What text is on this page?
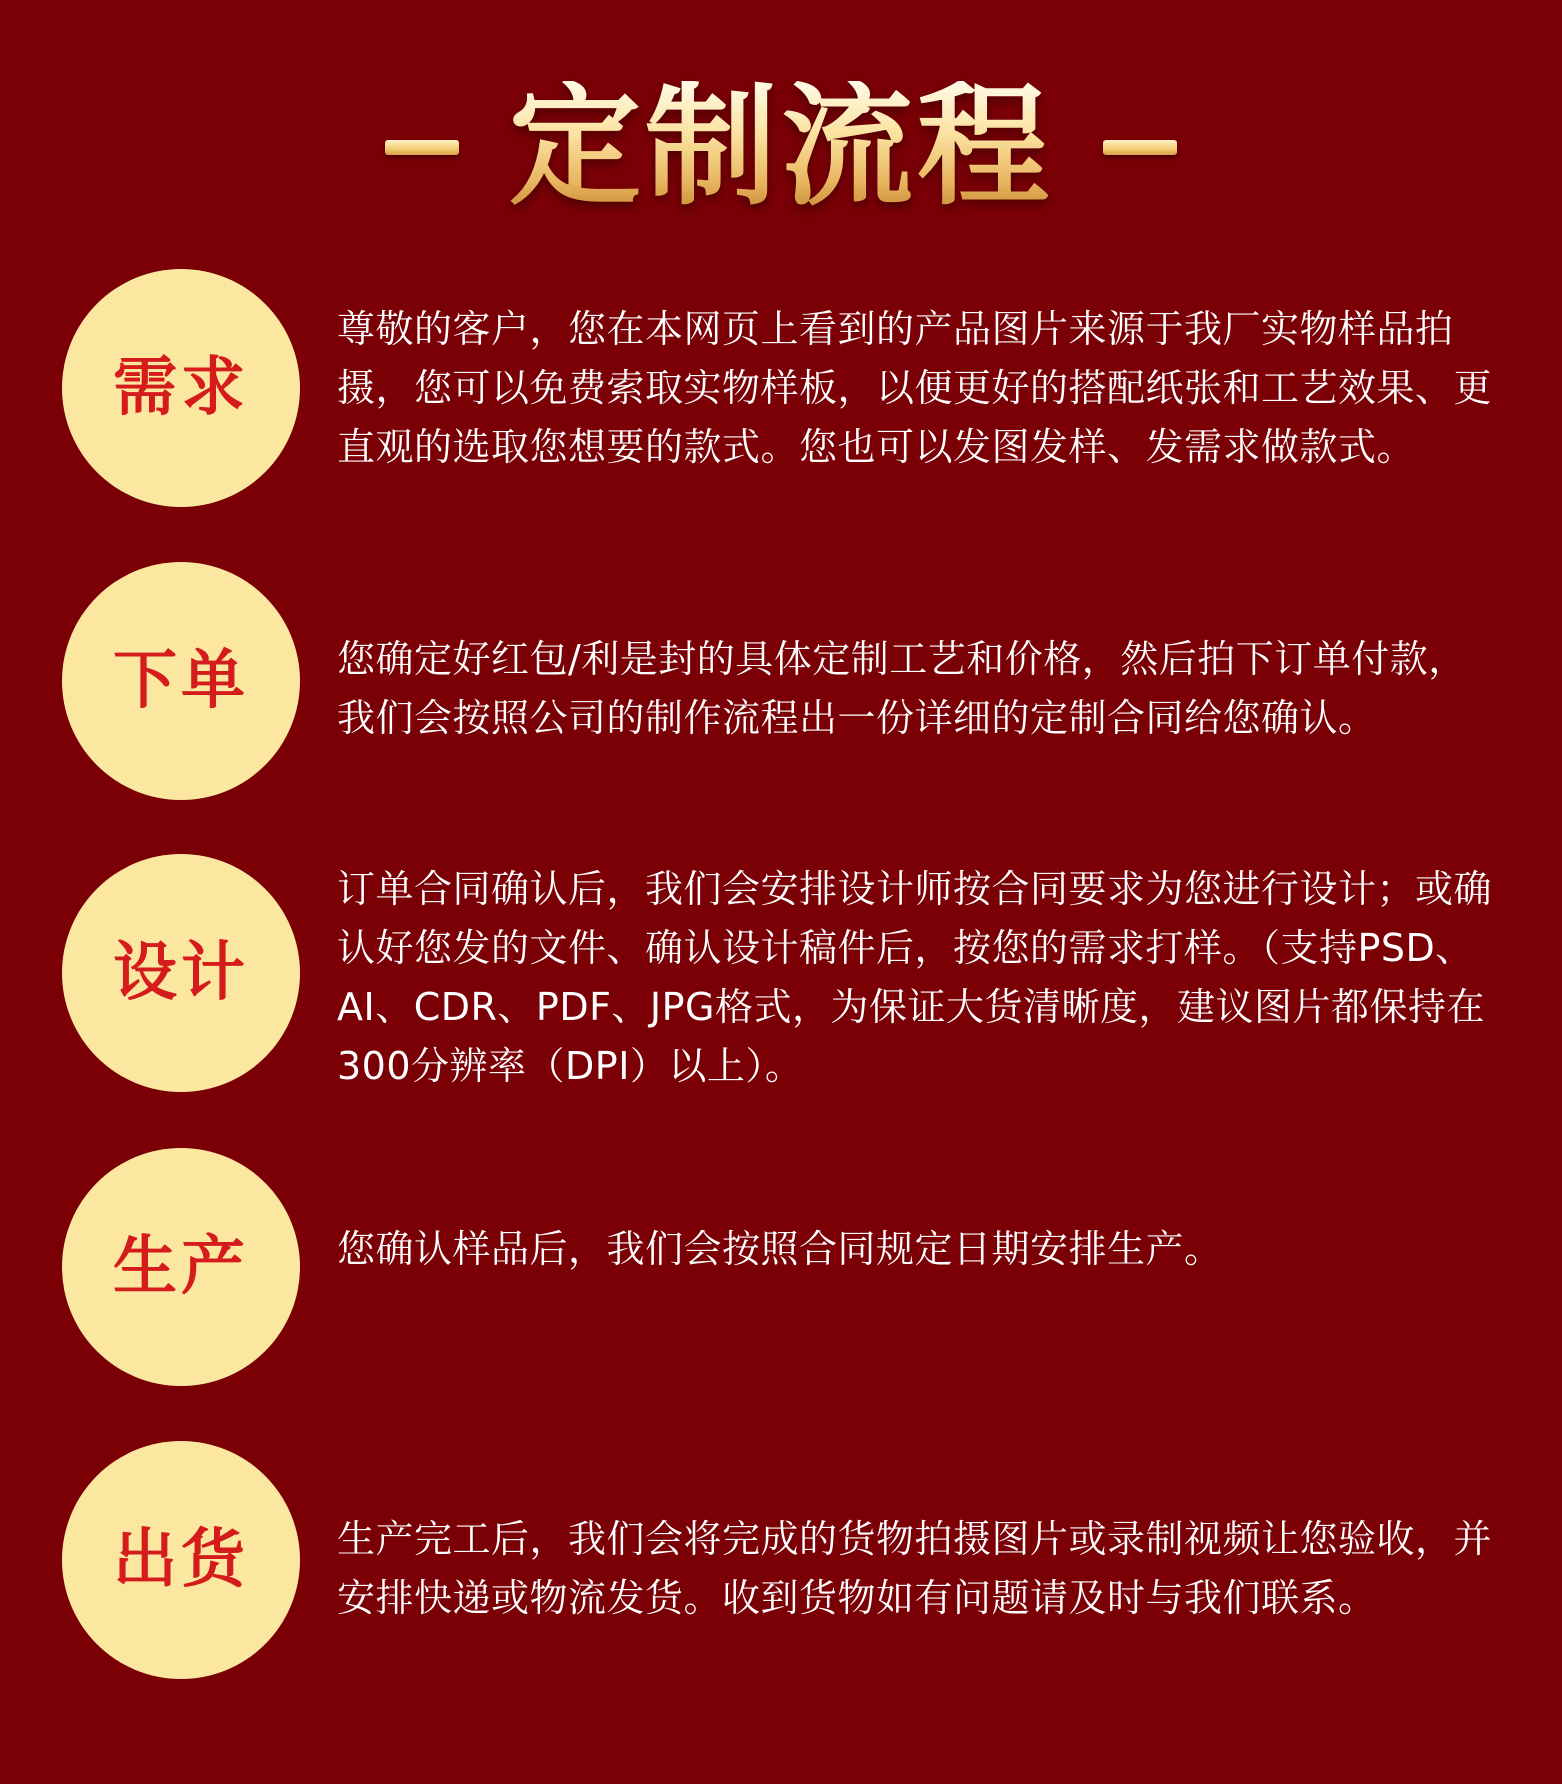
定制流程
需求

尊敬的客户，您在本网页上看到的产品图片来源于我厂实物样品拍摄，您可以免费索取实物样板，以便更好的搭配纸张和工艺效果、更直观的选取您想要的款式。您也可以发图发样、发需求做款式。

下单 您确定好红包/利是封的具体定制工艺和价格，然后拍下订单付款，我们会按照公司的制作流程出一份详细的定制合同给您确认。

设计

订单合同确认后，我们会安排设计师按合同要求为您进行设计；或确认好您发的文件、确认设计稿件后，按您的需求打样。（支持PSD、AI、CDR、PDF、JPG格式，为保证大货清晰度，建议图片都保持在300分辨率（DPI）以上）。

生产 您确认样品后，我们会按照合同规定日期安排生产。

出货 生产完工后，我们会将完成的货物拍摄图片或录制视频让您验收，并安排快递或物流发货。收到货物如有问题请及时与我们联系。
